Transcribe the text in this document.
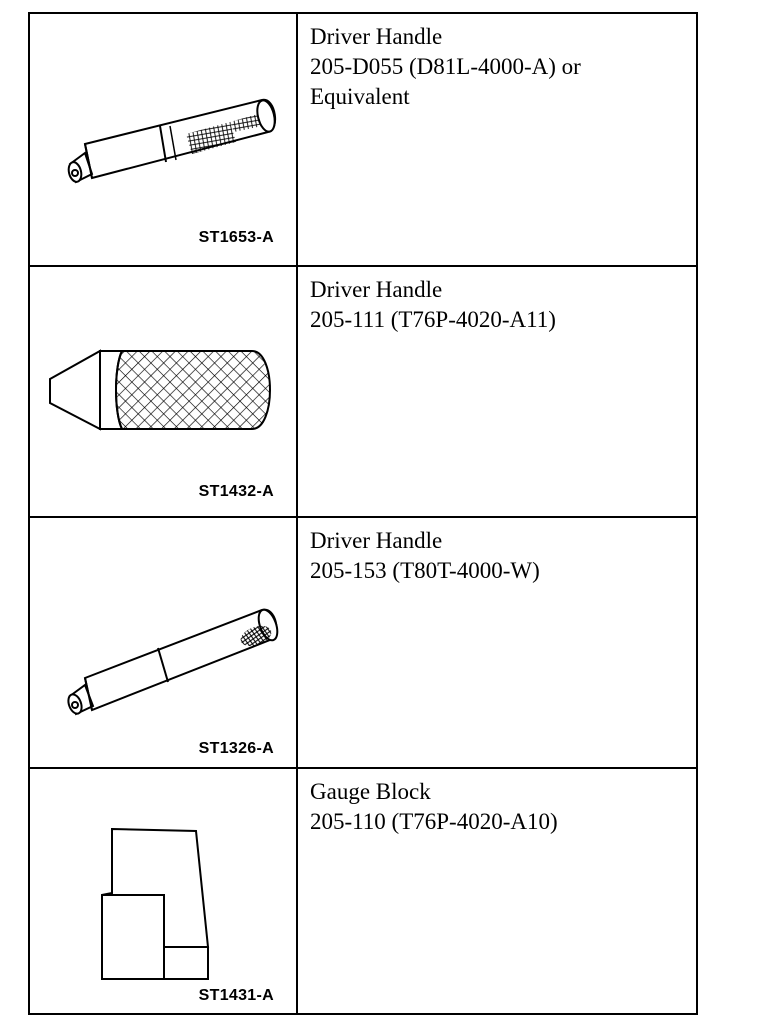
ST1653-A
Driver Handle
205-D055 (D81L-4000-A) or
Equivalent
ST1432-A
Driver Handle
205-111 (T76P-4020-A11)
ST1326-A
Driver Handle
205-153 (T80T-4000-W)
ST1431-A
Gauge Block
205-110 (T76P-4020-A10)
